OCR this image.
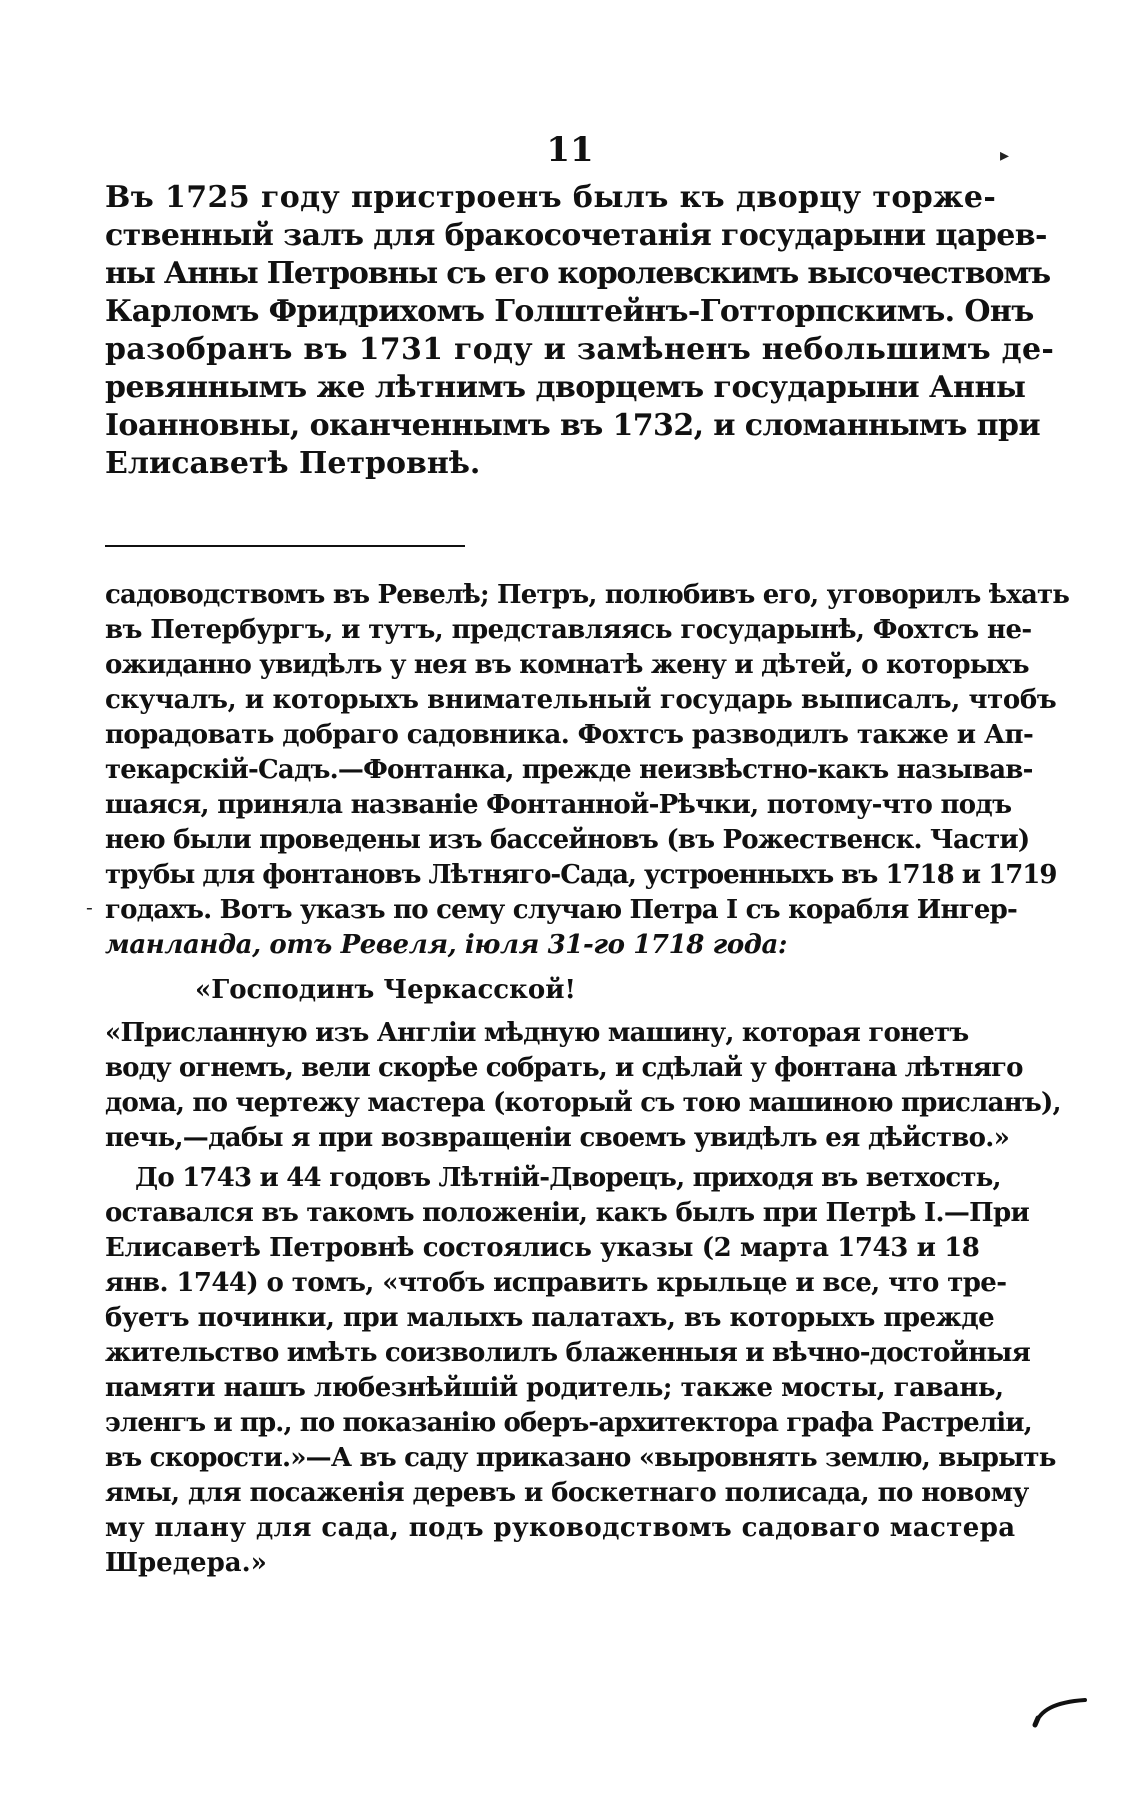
11	▸
Въ 1725 году пристроенъ былъ къ дворцу торже-
ственный залъ для бракосочетанія государыни царев-
ны Анны Петровны съ его королевскимъ высочествомъ
Карломъ Фридрихомъ Голштейнъ-Готторпскимъ. Онъ
разобранъ въ 1731 году и замѣненъ небольшимъ де-
ревяннымъ же лѣтнимъ дворцемъ государыни Анны
Іоанновны, оканченнымъ въ 1732, и сломаннымъ при
Елисаветѣ Петровнѣ.
садоводствомъ въ Ревелѣ; Петръ, полюбивъ его, уговорилъ ѣхать
въ Петербургъ, и тутъ, представляясь государынѣ, Фохтсъ не-
ожиданно увидѣлъ у нея въ комнатѣ жену и дѣтей, о которыхъ
скучалъ, и которыхъ внимательный государь выписалъ, чтобъ
порадовать добраго садовника. Фохтсъ разводилъ также и Ап-
текарскій-Садъ.—Фонтанка, прежде неизвѣстно-какъ называв-
шаяся, приняла названіе Фонтанной-Рѣчки, потому-что подъ
нею были проведены изъ бассейновъ (въ Рожественск. Части)
трубы для фонтановъ Лѣтняго-Сада, устроенныхъ въ 1718 и 1719
- годахъ. Вотъ указъ по сему случаю Петра I съ корабля Ингер-
манланда, отъ Ревеля, іюля 31-го 1718 года:
«Господинъ Черкасской!
«Присланную изъ Англіи мѣдную машину, которая гонетъ
воду огнемъ, вели скорѣе собрать, и сдѣлай у фонтана лѣтняго
дома, по чертежу мастера (который съ тою машиною присланъ),
печь,—дабы я при возвращеніи своемъ увидѣлъ ея дѣйство.»
До 1743 и 44 годовъ Лѣтній-Дворецъ, приходя въ ветхость,
оставался въ такомъ положеніи, какъ былъ при Петрѣ I.—При
Елисаветѣ Петровнѣ состоялись указы (2 марта 1743 и 18
янв. 1744) о томъ, «чтобъ исправить крыльце и все, что тре-
буетъ починки, при малыхъ палатахъ, въ которыхъ прежде
жительство имѣть соизволилъ блаженныя и вѣчно-достойныя
памяти нашъ любезнѣйшій родитель; также мосты, гавань,
эленгъ и пр., по показанію оберъ-архитектора графа Растреліи,
въ скорости.»—А въ саду приказано «выровнять землю, вырыть
ямы, для посаженія деревъ и боскетнаго полисада, по новому
му плану для сада, подъ руководствомъ садоваго мастера
Шредера.»
